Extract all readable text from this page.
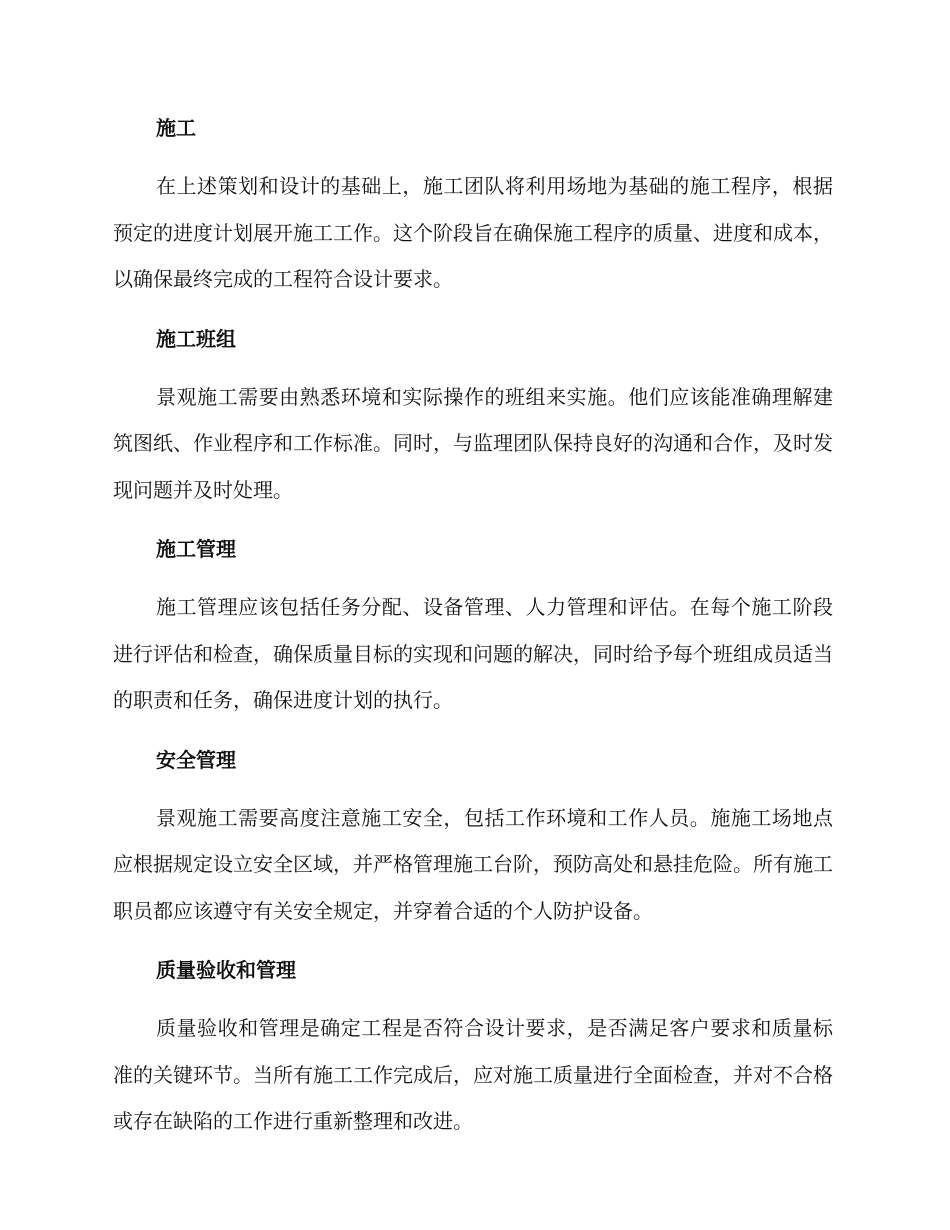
施工

在上述策划和设计的基础上，施工团队将利用场地为基础的施工程序，根据预定的进度计划展开施工工作。这个阶段旨在确保施工程序的质量、进度和成本，以确保最终完成的工程符合设计要求。

施工班组

景观施工需要由熟悉环境和实际操作的班组来实施。他们应该能准确理解建筑图纸、作业程序和工作标准。同时，与监理团队保持良好的沟通和合作，及时发现问题并及时处理。

施工管理

施工管理应该包括任务分配、设备管理、人力管理和评估。在每个施工阶段进行评估和检查，确保质量目标的实现和问题的解决，同时给予每个班组成员适当的职责和任务，确保进度计划的执行。

安全管理

景观施工需要高度注意施工安全，包括工作环境和工作人员。施施工场地点应根据规定设立安全区域，并严格管理施工台阶，预防高处和悬挂危险。所有施工职员都应该遵守有关安全规定，并穿着合适的个人防护设备。

质量验收和管理

质量验收和管理是确定工程是否符合设计要求，是否满足客户要求和质量标准的关键环节。当所有施工工作完成后，应对施工质量进行全面检查，并对不合格或存在缺陷的工作进行重新整理和改进。
